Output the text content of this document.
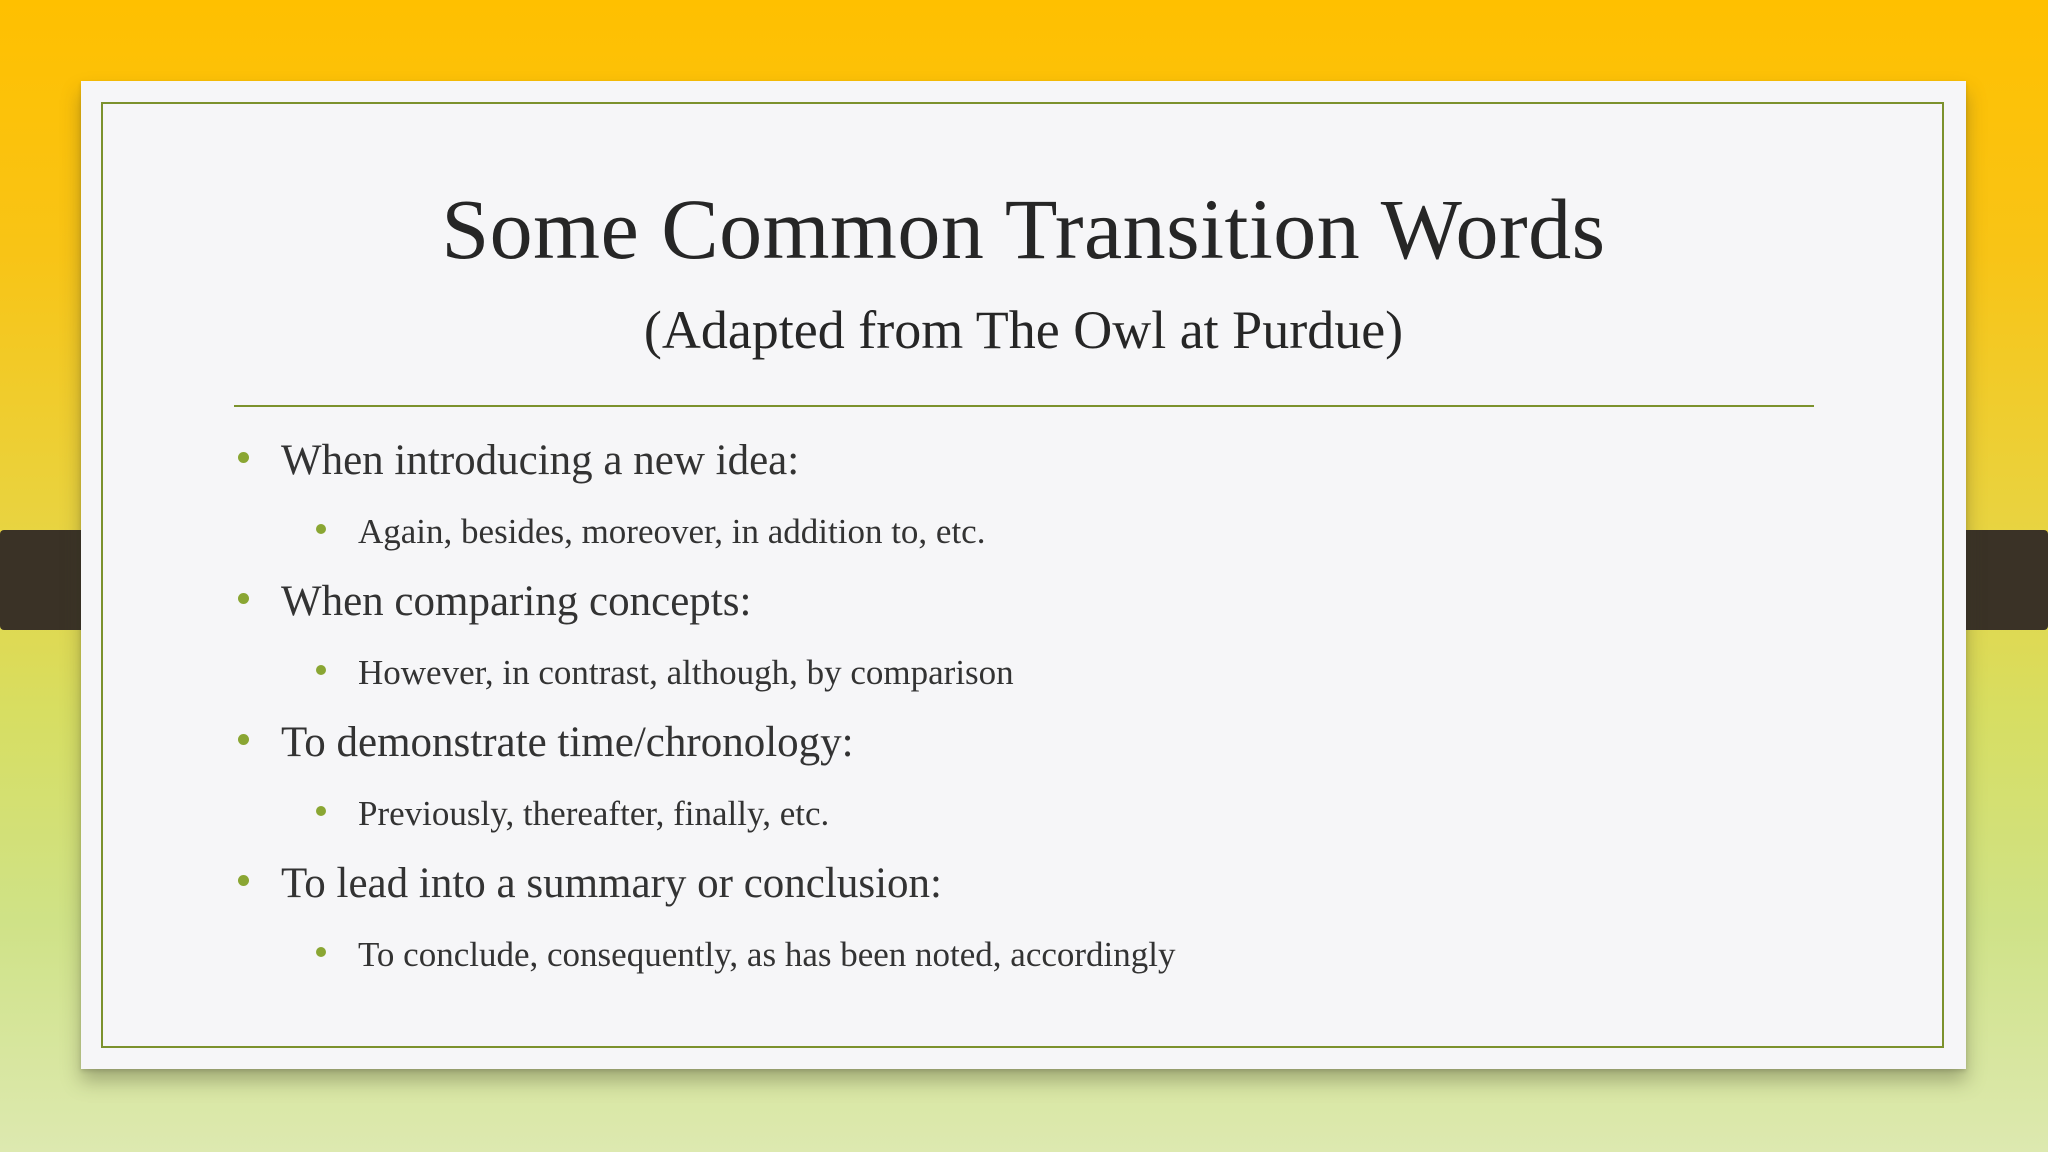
Some Common Transition Words
(Adapted from The Owl at Purdue)
When introducing a new idea:
Again, besides, moreover, in addition to, etc.
When comparing concepts:
However, in contrast, although, by comparison
To demonstrate time/chronology:
Previously, thereafter, finally, etc.
To lead into a summary or conclusion:
To conclude, consequently, as has been noted, accordingly
